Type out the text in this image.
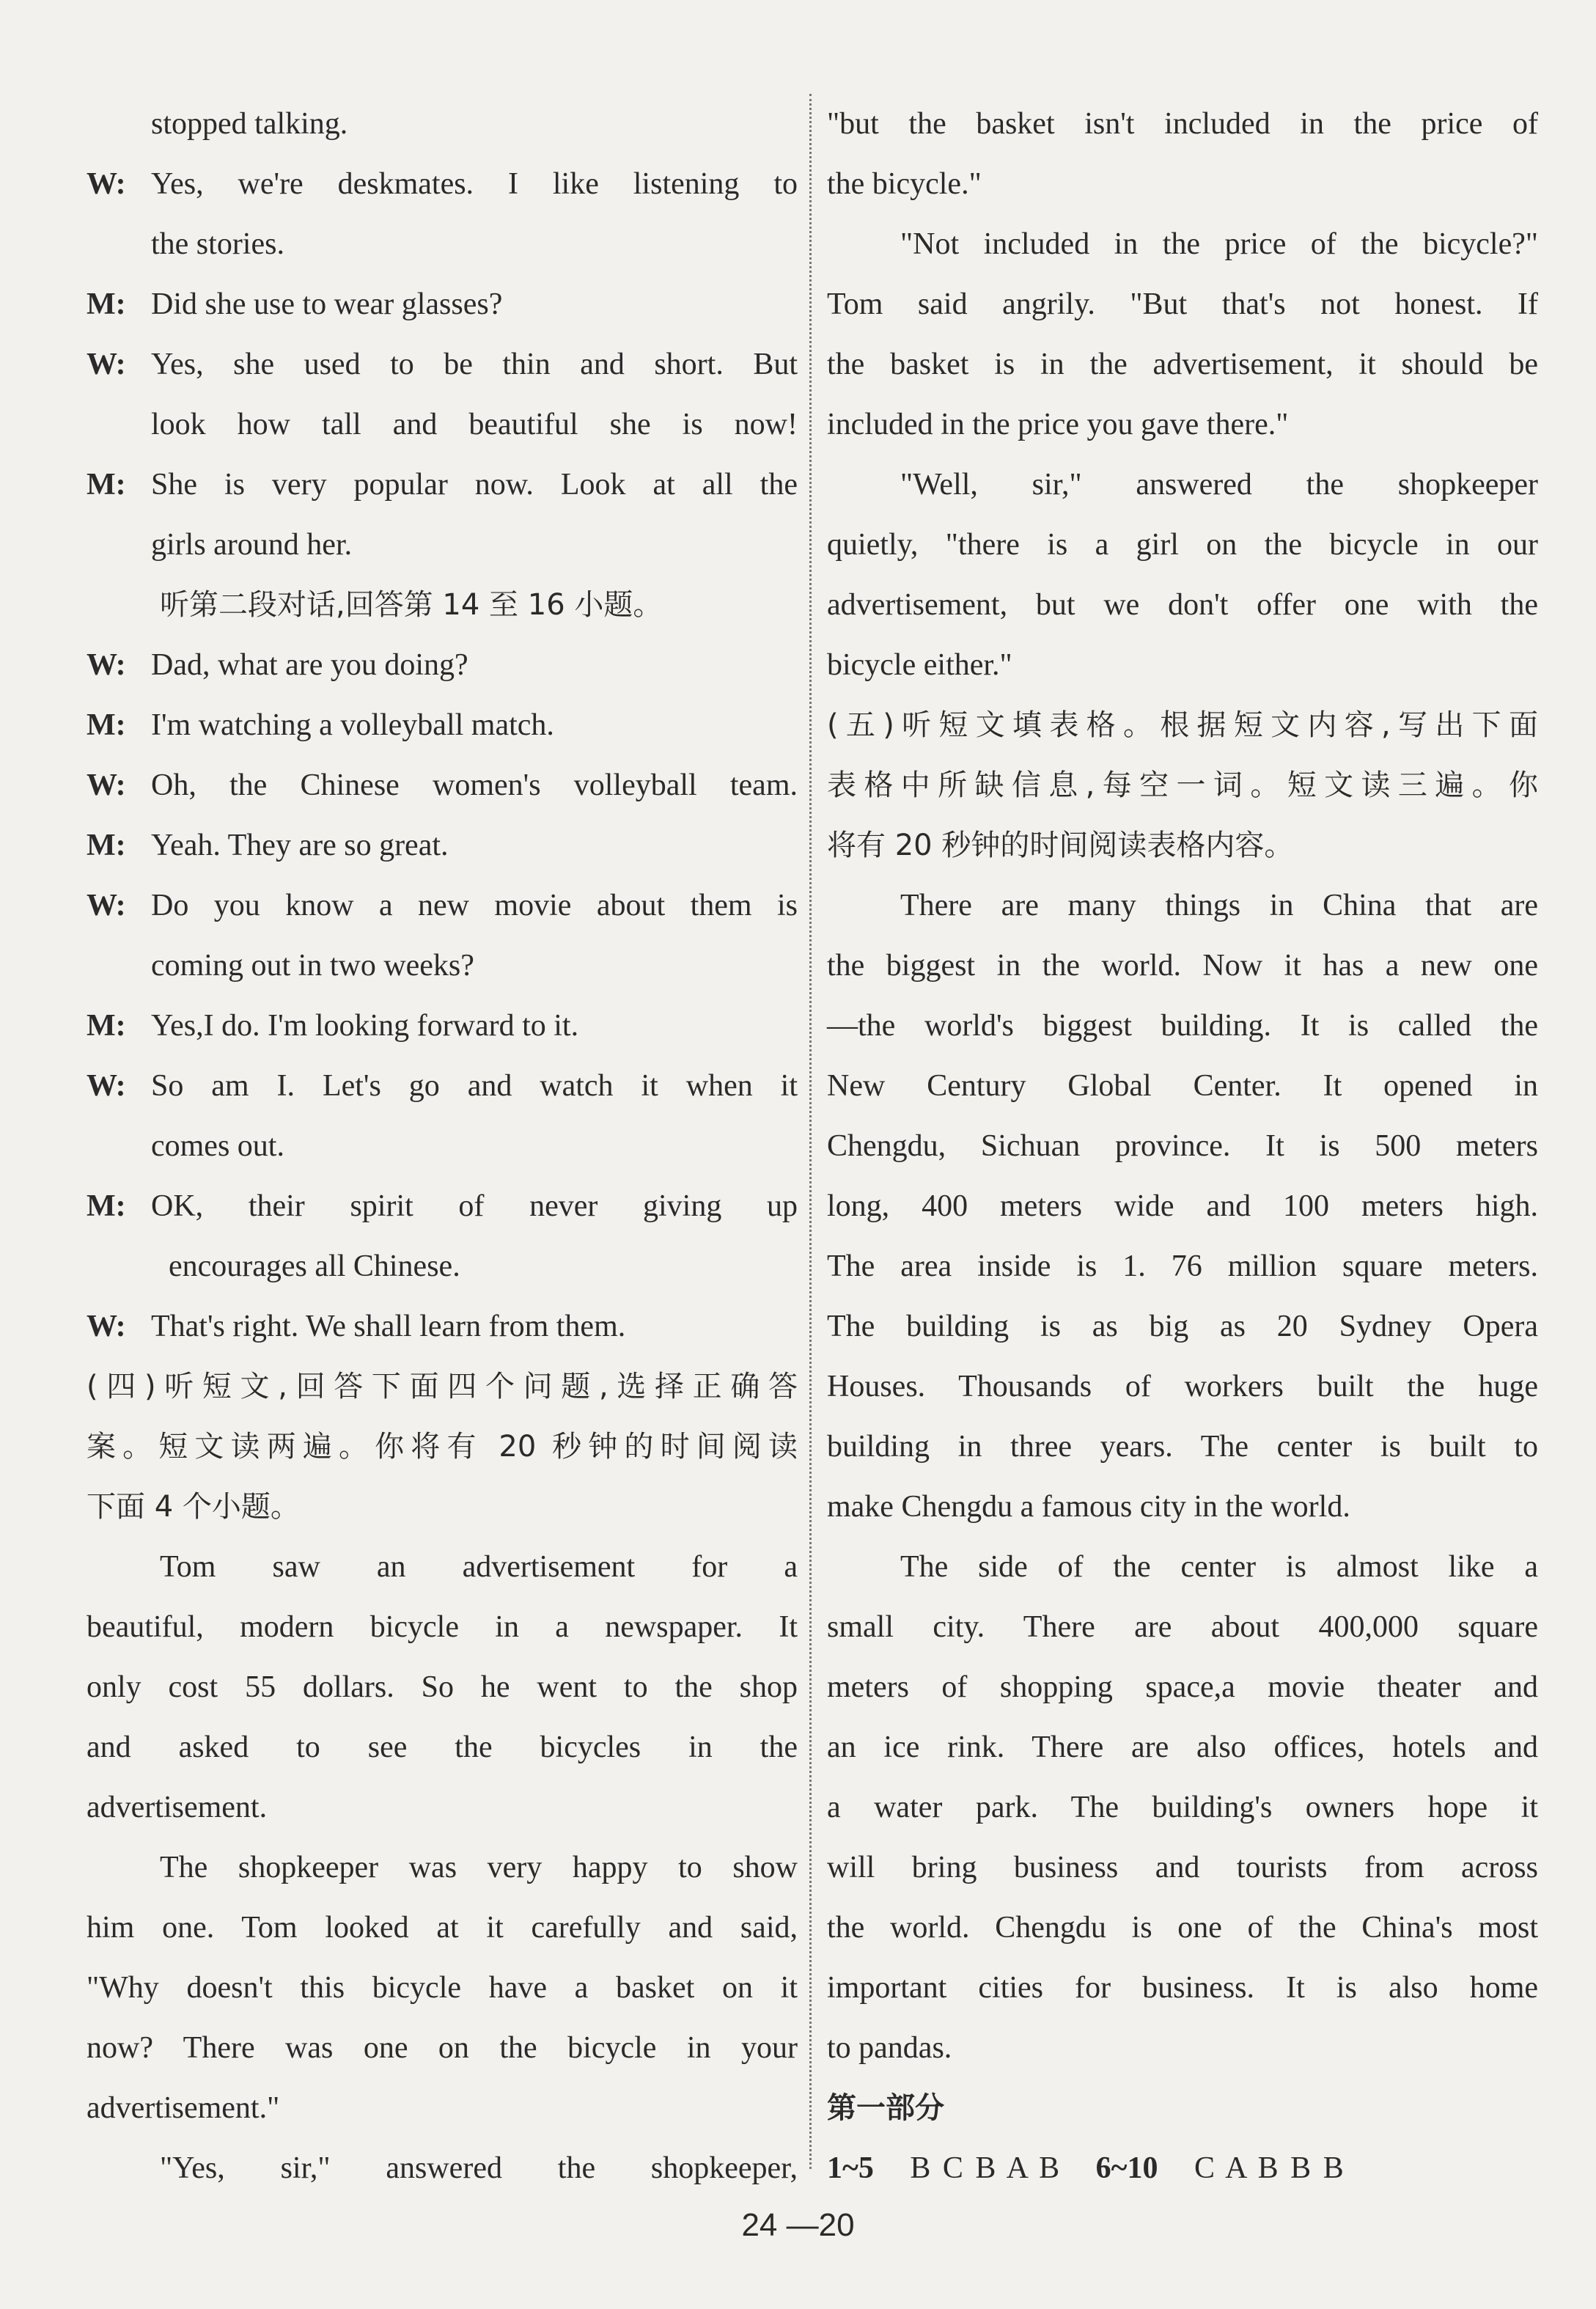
stopped talking.
W: Yes, we're deskmates. I like listening to
the stories.
M: Did she use to wear glasses?
W: Yes, she used to be thin and short. But
look how tall and beautiful she is now!
M: She is very popular now. Look at all the
girls around her.
听第二段对话,回答第 14 至 16 小题。
W: Dad, what are you doing?
M: I'm watching a volleyball match.
W: Oh, the Chinese women's volleyball team.
M: Yeah. They are so great.
W: Do you know a new movie about them is
coming out in two weeks?
M: Yes,I do. I'm looking forward to it.
W: So am I. Let's go and watch it when it
comes out.
M: OK, their spirit of never giving up
encourages all Chinese.
W: That's right. We shall learn from them.
(四)听短文,回答下面四个问题,选择正确答
案。短文读两遍。你将有 20 秒钟的时间阅读
下面 4 个小题。
Tom saw an advertisement for a
beautiful, modern bicycle in a newspaper. It
only cost 55 dollars. So he went to the shop
and asked to see the bicycles in the
advertisement.
The shopkeeper was very happy to show
him one. Tom looked at it carefully and said,
"Why doesn't this bicycle have a basket on it
now? There was one on the bicycle in your
advertisement."
"Yes, sir," answered the shopkeeper,
"but the basket isn't included in the price of
the bicycle."
"Not included in the price of the bicycle?"
Tom said angrily. "But that's not honest. If
the basket is in the advertisement, it should be
included in the price you gave there."
"Well, sir," answered the shopkeeper
quietly, "there is a girl on the bicycle in our
advertisement, but we don't offer one with the
bicycle either."
(五)听短文填表格。根据短文内容,写出下面
表格中所缺信息,每空一词。短文读三遍。你
将有 20 秒钟的时间阅读表格内容。
There are many things in China that are
the biggest in the world. Now it has a new one
—the world's biggest building. It is called the
New Century Global Center. It opened in
Chengdu, Sichuan province. It is 500 meters
long, 400 meters wide and 100 meters high.
The area inside is 1. 76 million square meters.
The building is as big as 20 Sydney Opera
Houses. Thousands of workers built the huge
building in three years. The center is built to
make Chengdu a famous city in the world.
The side of the center is almost like a
small city. There are about 400,000 square
meters of shopping space,a movie theater and
an ice rink. There are also offices, hotels and
a water park. The building's owners hope it
will bring business and tourists from across
the world. Chengdu is one of the China's most
important cities for business. It is also home
to pandas.
第一部分
1~5 B C B A B 6~10 C A B B B
24 —20
